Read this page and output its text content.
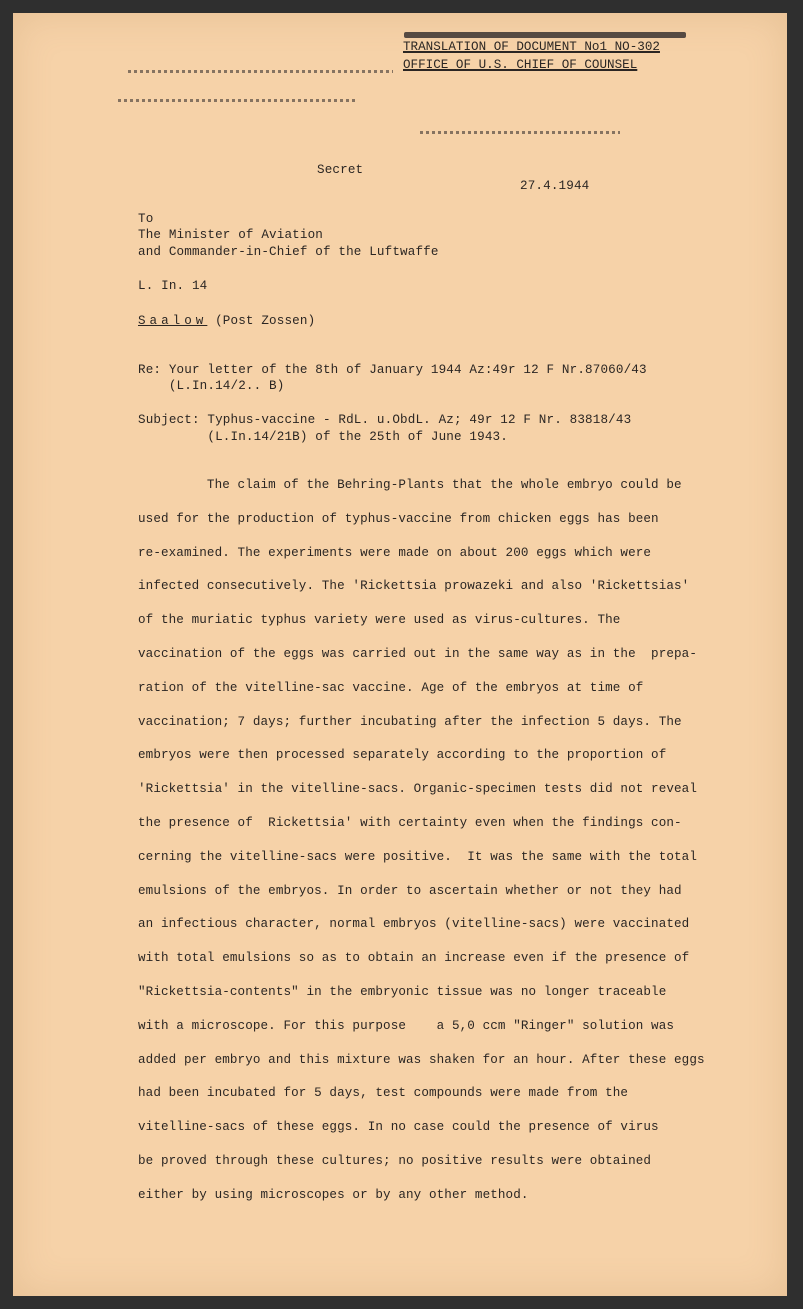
TRANSLATION OF DOCUMENT No1 NO-302
OFFICE OF U.S. CHIEF OF COUNSEL
Secret
27.4.1944
To
The Minister of Aviation
and Commander-in-Chief of the Luftwaffe
L. In. 14
Saalow (Post Zossen)
Re: Your letter of the 8th of January 1944 Az:49r 12 F Nr.87060/43
(L.In.14/2.. B)
Subject: Typhus-vaccine - RdL. u.ObdL. Az; 49r 12 F Nr. 83818/43
(L.In.14/21B) of the 25th of June 1943.
The claim of the Behring-Plants that the whole embryo could be
used for the production of typhus-vaccine from chicken eggs has been
re-examined. The experiments were made on about 200 eggs which were
infected consecutively. The 'Rickettsia prowazeki and also 'Rickettsias'
of the muriatic typhus variety were used as virus-cultures. The
vaccination of the eggs was carried out in the same way as in the  prepa-
ration of the vitelline-sac vaccine. Age of the embryos at time of
vaccination; 7 days; further incubating after the infection 5 days. The
embryos were then processed separately according to the proportion of
'Rickettsia' in the vitelline-sacs. Organic-specimen tests did not reveal
the presence of  Rickettsia' with certainty even when the findings con-
cerning the vitelline-sacs were positive.  It was the same with the total
emulsions of the embryos. In order to ascertain whether or not they had
an infectious character, normal embryos (vitelline-sacs) were vaccinated
with total emulsions so as to obtain an increase even if the presence of
"Rickettsia-contents" in the embryonic tissue was no longer traceable
with a microscope. For this purpose    a 5,0 ccm "Ringer" solution was
added per embryo and this mixture was shaken for an hour. After these eggs
had been incubated for 5 days, test compounds were made from the
vitelline-sacs of these eggs. In no case could the presence of virus
be proved through these cultures; no positive results were obtained
either by using microscopes or by any other method.
